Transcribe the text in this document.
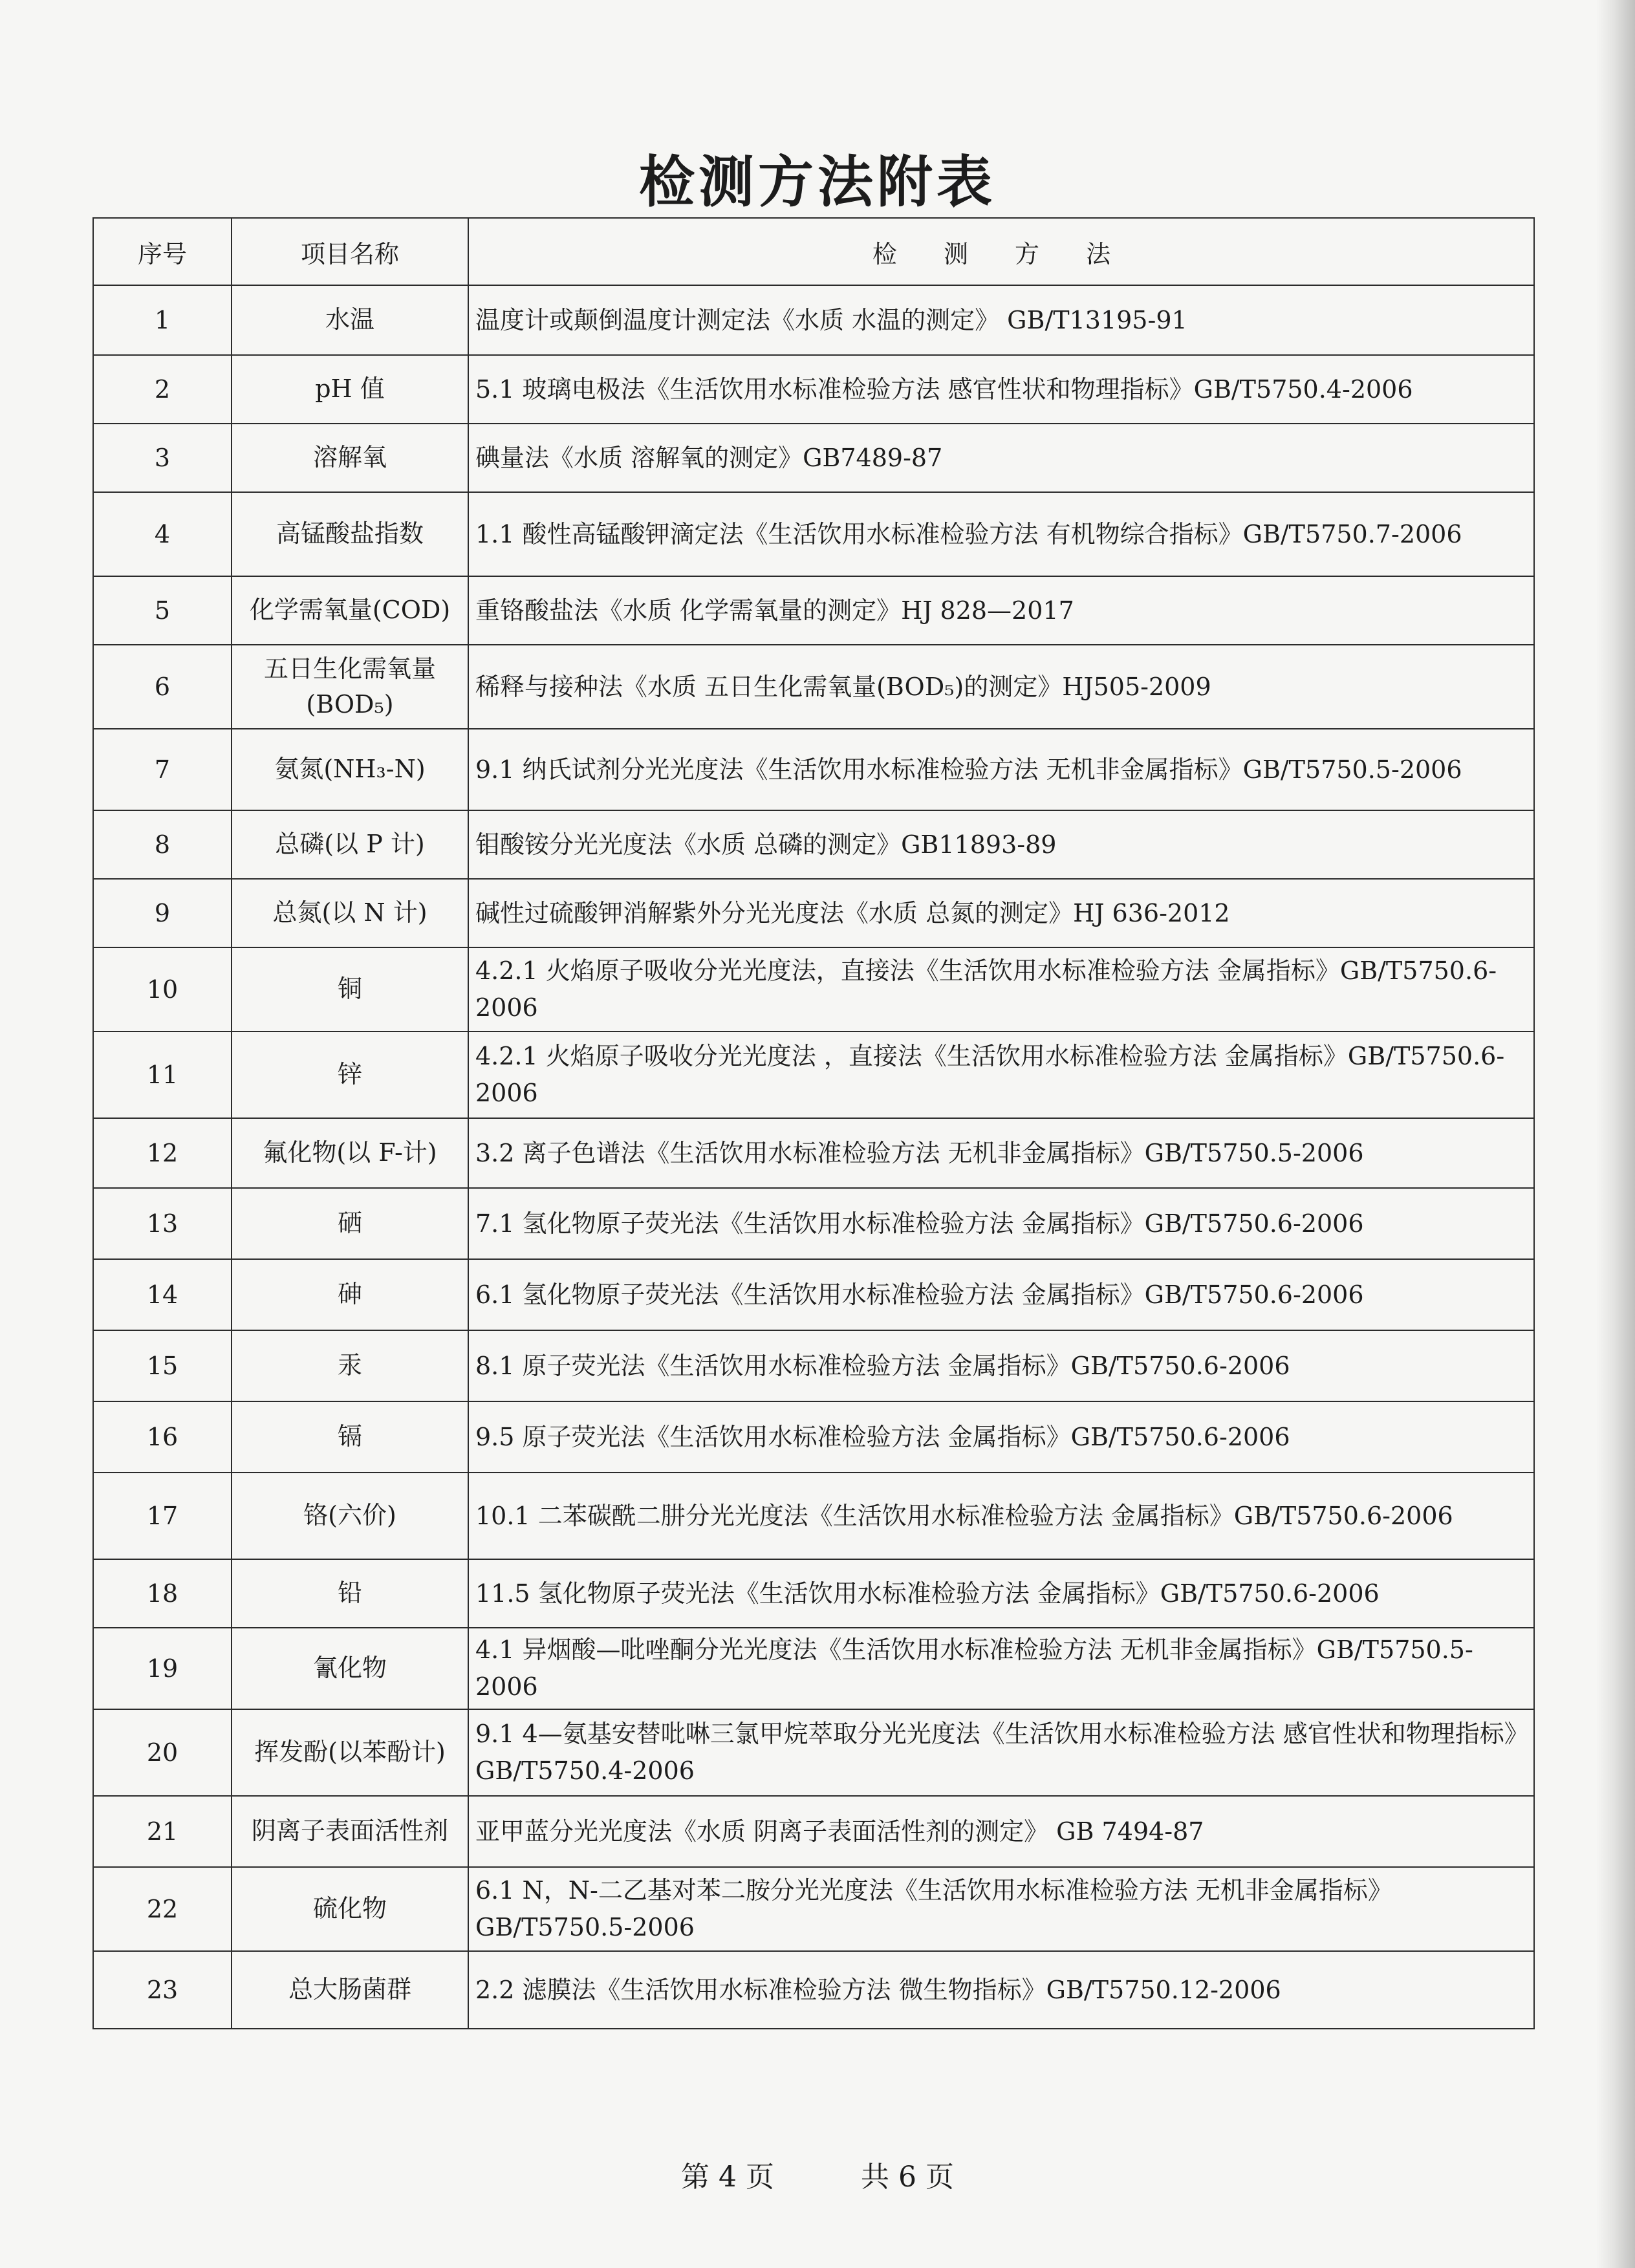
检测方法附表
序号	项目名称	检 测 方 法
1	水温	温度计或颠倒温度计测定法《水质 水温的测定》 GB/T13195-91
2	pH 值	5.1 玻璃电极法《生活饮用水标准检验方法 感官性状和物理指标》GB/T5750.4-2006
3	溶解氧	碘量法《水质 溶解氧的测定》GB7489-87
4	高锰酸盐指数	1.1 酸性高锰酸钾滴定法《生活饮用水标准检验方法 有机物综合指标》GB/T5750.7-2006
5	化学需氧量(COD)	重铬酸盐法《水质 化学需氧量的测定》HJ 828—2017
6	五日生化需氧量(BOD₅)	稀释与接种法《水质 五日生化需氧量(BOD₅)的测定》HJ505-2009
7	氨氮(NH₃-N)	9.1 纳氏试剂分光光度法《生活饮用水标准检验方法 无机非金属指标》GB/T5750.5-2006
8	总磷(以 P 计)	钼酸铵分光光度法《水质 总磷的测定》GB11893-89
9	总氮(以 N 计)	碱性过硫酸钾消解紫外分光光度法《水质 总氮的测定》HJ 636-2012
10	铜	4.2.1 火焰原子吸收分光光度法，直接法《生活饮用水标准检验方法 金属指标》GB/T5750.6-2006
11	锌	4.2.1 火焰原子吸收分光光度法 ，直接法《生活饮用水标准检验方法 金属指标》GB/T5750.6-2006
12	氟化物(以 F-计)	3.2 离子色谱法《生活饮用水标准检验方法 无机非金属指标》GB/T5750.5-2006
13	硒	7.1 氢化物原子荧光法《生活饮用水标准检验方法 金属指标》GB/T5750.6-2006
14	砷	6.1 氢化物原子荧光法《生活饮用水标准检验方法 金属指标》GB/T5750.6-2006
15	汞	8.1 原子荧光法《生活饮用水标准检验方法 金属指标》GB/T5750.6-2006
16	镉	9.5 原子荧光法《生活饮用水标准检验方法 金属指标》GB/T5750.6-2006
17	铬(六价)	10.1 二苯碳酰二肼分光光度法《生活饮用水标准检验方法 金属指标》GB/T5750.6-2006
18	铅	11.5 氢化物原子荧光法《生活饮用水标准检验方法 金属指标》GB/T5750.6-2006
19	氰化物	4.1 异烟酸—吡唑酮分光光度法《生活饮用水标准检验方法 无机非金属指标》GB/T5750.5-2006
20	挥发酚(以苯酚计)	9.1 4—氨基安替吡啉三氯甲烷萃取分光光度法《生活饮用水标准检验方法 感官性状和物理指标》GB/T5750.4-2006
21	阴离子表面活性剂	亚甲蓝分光光度法《水质 阴离子表面活性剂的测定》 GB 7494-87
22	硫化物	6.1 N，N-二乙基对苯二胺分光光度法《生活饮用水标准检验方法 无机非金属指标》GB/T5750.5-2006
23	总大肠菌群	2.2 滤膜法《生活饮用水标准检验方法 微生物指标》GB/T5750.12-2006
第 4 页	共 6 页
